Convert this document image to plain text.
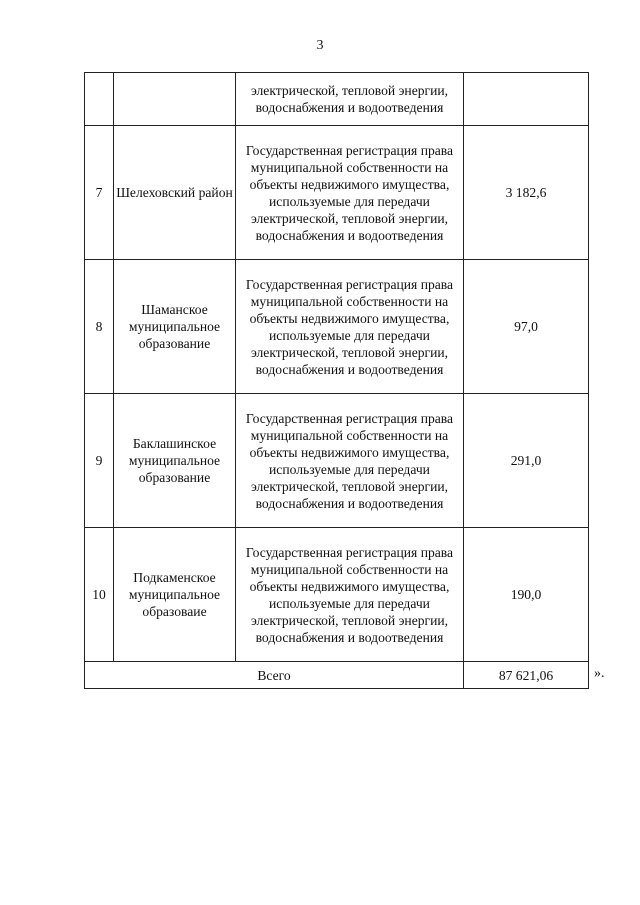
3
		электрической, тепловой энергии, водоснабжения и водоотведения	
7	Шелеховский район	Государственная регистрация права муниципальной собственности на объекты недвижимого имущества, используемые для передачи электрической, тепловой энергии, водоснабжения и водоотведения	3 182,6
8	Шаманское муниципальное образование	Государственная регистрация права муниципальной собственности на объекты недвижимого имущества, используемые для передачи электрической, тепловой энергии, водоснабжения и водоотведения	97,0
9	Баклашинское муниципальное образование	Государственная регистрация права муниципальной собственности на объекты недвижимого имущества, используемые для передачи электрической, тепловой энергии, водоснабжения и водоотведения	291,0
10	Подкаменское муниципальное образоваие	Государственная регистрация права муниципальной собственности на объекты недвижимого имущества, используемые для передачи электрической, тепловой энергии, водоснабжения и водоотведения	190,0
Всего			87 621,06	».
